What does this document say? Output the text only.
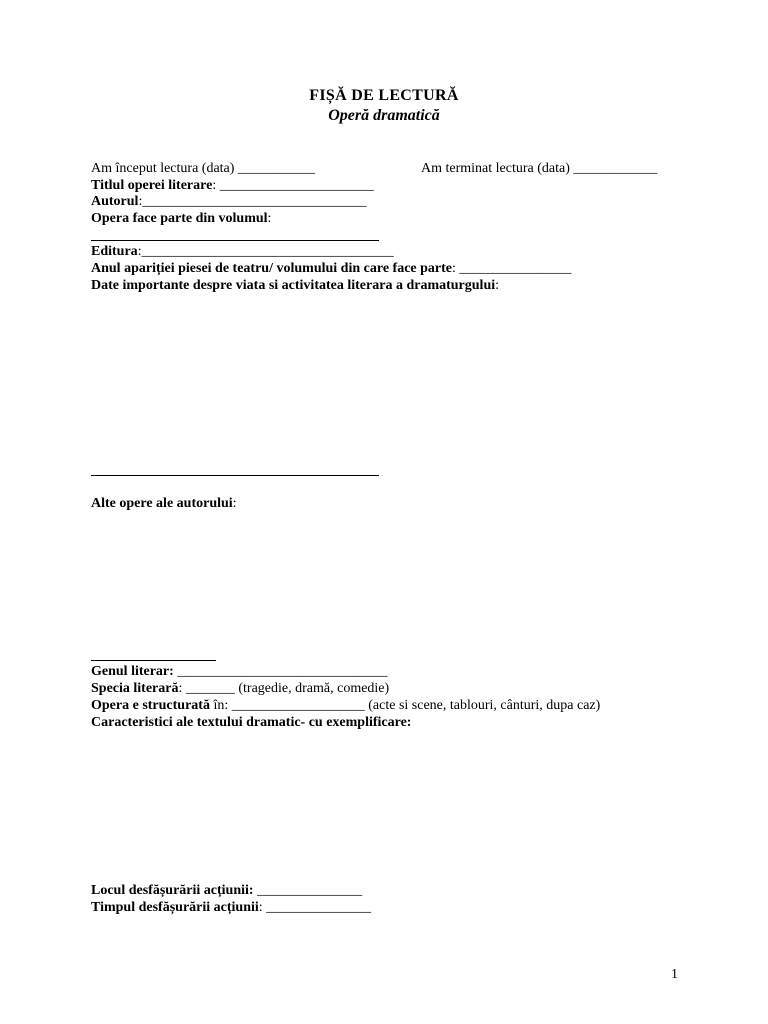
FIȘĂ DE LECTURĂ
Operă dramatică
Am început lectura (data) ___________	Am terminat lectura (data) ____________
Titlul operei literare: ______________________
Autorul:________________________________
Opera face parte din volumul:
Editura:____________________________________
Anul apariției piesei de teatru/ volumului din care face parte: ________________
Date importante despre viata si activitatea literara a dramaturgului:
Alte opere ale autorului:
Genul literar: ______________________________
Specia literară: _______ (tragedie, dramă, comedie)
Opera e structurată în: ___________________ (acte si scene, tablouri, cânturi, dupa caz)
Caracteristici ale textului dramatic- cu exemplificare:
Locul desfășurării acțiunii: _______________
Timpul desfășurării acțiunii: _______________
1
